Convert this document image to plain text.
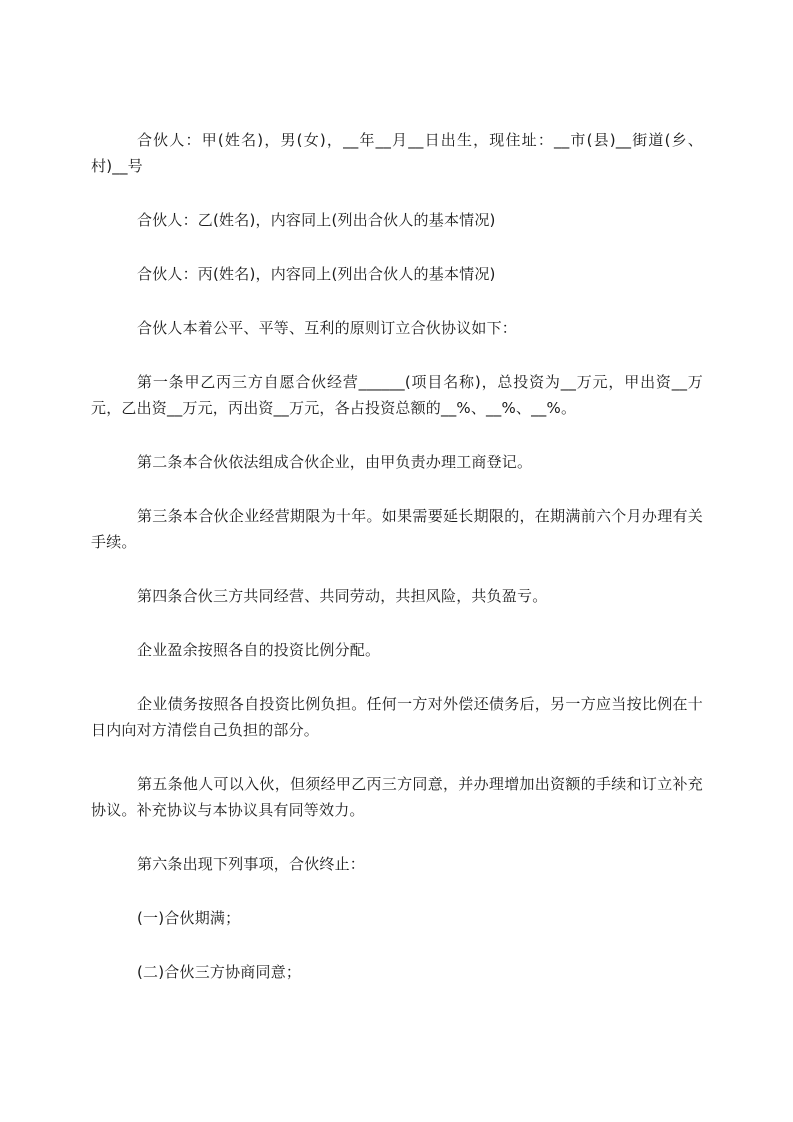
合伙人：甲(姓名)，男(女)，__年__月__日出生，现住址：__市(县)__街道(乡、村)__号

合伙人：乙(姓名)，内容同上(列出合伙人的基本情况)

合伙人：丙(姓名)，内容同上(列出合伙人的基本情况)

合伙人本着公平、平等、互利的原则订立合伙协议如下：

第一条甲乙丙三方自愿合伙经营______(项目名称)，总投资为__万元，甲出资__万元，乙出资__万元，丙出资__万元，各占投资总额的__%、__%、__%。

第二条本合伙依法组成合伙企业，由甲负责办理工商登记。

第三条本合伙企业经营期限为十年。如果需要延长期限的，在期满前六个月办理有关手续。

第四条合伙三方共同经营、共同劳动，共担风险，共负盈亏。

企业盈余按照各自的投资比例分配。

企业债务按照各自投资比例负担。任何一方对外偿还债务后，另一方应当按比例在十日内向对方清偿自己负担的部分。

第五条他人可以入伙，但须经甲乙丙三方同意，并办理增加出资额的手续和订立补充协议。补充协议与本协议具有同等效力。

第六条出现下列事项，合伙终止：

(一)合伙期满；

(二)合伙三方协商同意；
